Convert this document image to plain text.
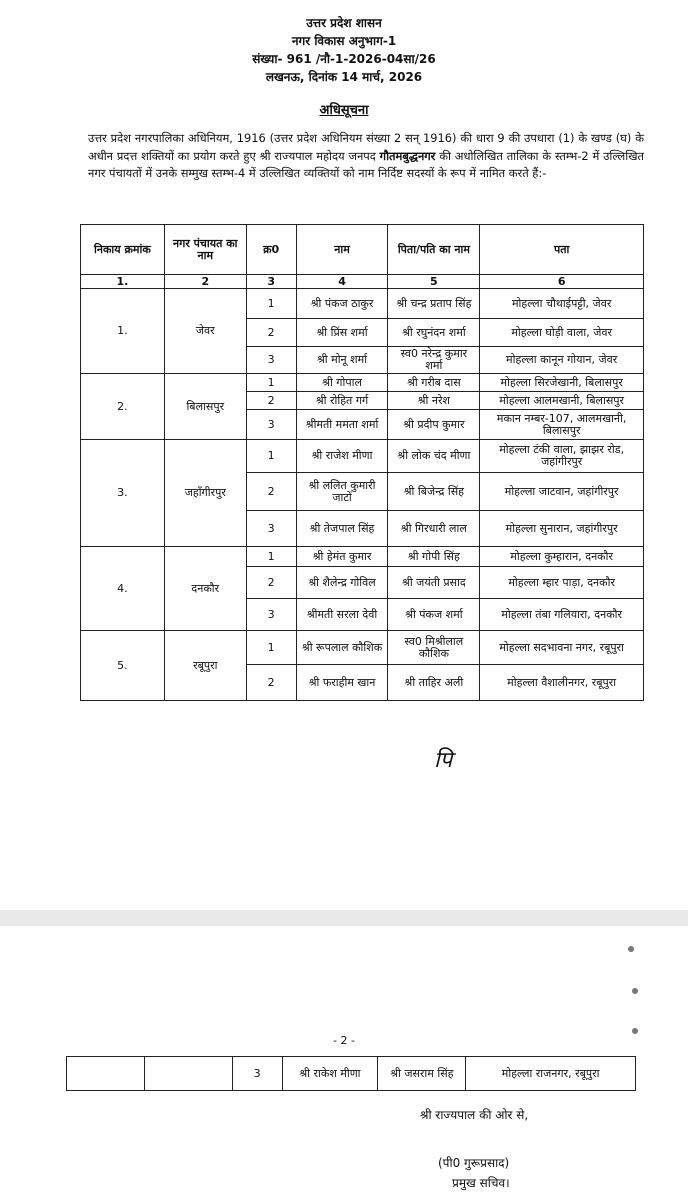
उत्तर प्रदेश शासन
नगर विकास अनुभाग-1
संख्या- 961 /नौ-1-2026-04सा/26
लखनऊ, दिनांक 14 मार्च, 2026
अधिसूचना
उत्तर प्रदेश नगरपालिका अधिनियम, 1916 (उत्तर प्रदेश अधिनियम संख्या 2 सन् 1916) की धारा 9 की उपधारा (1) के खण्ड (घ) के अधीन प्रदत्त शक्तियों का प्रयोग करते हुए श्री राज्यपाल महोदय जनपद गौतमबुद्धनगर की अधोलिखित तालिका के स्तम्भ-2 में उल्लिखित नगर पंचायतों में उनके सम्मुख स्तम्भ-4 में उल्लिखित व्यक्तियों को नाम निर्दिष्ट सदस्यों के रूप में नामित करते हैं:-
निकाय क्रमांक	नगर पंचायत का नाम	क्र0	नाम	पिता/पति का नाम	पता
1.	2	3	4	5	6
1.	जेवर	1	श्री पंकज ठाकुर	श्री चन्द्र प्रताप सिंह	मोहल्ला चौथाईपट्टी, जेवर
		2	श्री प्रिंस शर्मा	श्री रघुनंदन शर्मा	मोहल्ला घोड़ी वाला, जेवर
		3	श्री मोनू शर्मा	स्व0 नरेन्द्र कुमार शर्मा	मोहल्ला कानून गोयान, जेवर
2.	बिलासपुर	1	श्री गोपाल	श्री गरीब दास	मोहल्ला सिरजेखानी, बिलासपुर
		2	श्री रोहित गर्ग	श्री नरेश	मोहल्ला आलमखानी, बिलासपुर
		3	श्रीमती ममता शर्मा	श्री प्रदीप कुमार	मकान नम्बर-107, आलमखानी, बिलासपुर
3.	जहाँगीरपुर	1	श्री राजेश मीणा	श्री लोक चंद मीणा	मोहल्ला टंकी वाला, झाझर रोड, जहांगीरपुर
		2	श्री ललित कुमारी जाटों	श्री बिजेन्द्र सिंह	मोहल्ला जाटवान, जहांगीरपुर
		3	श्री तेजपाल सिंह	श्री गिरधारी लाल	मोहल्ला सुनारान, जहांगीरपुर
4.	दनकौर	1	श्री हेमंत कुमार	श्री गोपी सिंह	मोहल्ला कुम्हारान, दनकौर
		2	श्री शैलेन्द्र गोविल	श्री जयंती प्रसाद	मोहल्ला म्हार पाड़ा, दनकौर
		3	श्रीमती सरला देवी	श्री पंकज शर्मा	मोहल्ला तंबा गलियारा, दनकौर
5.	रबूपुरा	1	श्री रूपलाल कौशिक	स्व0 मिश्रीलाल कौशिक	मोहल्ला सदभावना नगर, रबूपुरा
		2	श्री फराहीम खान	श्री ताहिर अली	मोहल्ला वैशालीनगर, रबूपुरा
पि
- 2 -
		3	श्री राकेश मीणा	श्री जसराम सिंह	मोहल्ला राजनगर, रबूपुरा
श्री राज्यपाल की ओर से,
(पी0 गुरूप्रसाद)
प्रमुख सचिव।
